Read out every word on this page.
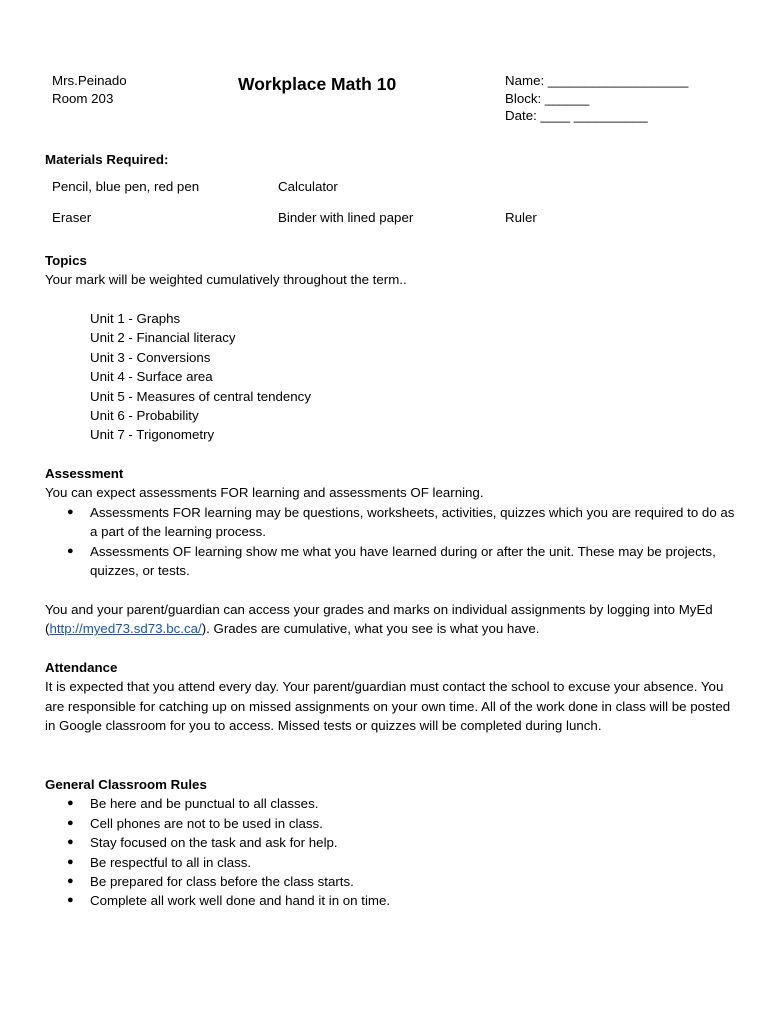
Mrs.Peinado
Room 203
Workplace Math 10	Name: ___________________
Block: ______
Date: ____ __________
Materials Required:
Pencil, blue pen, red pen	Calculator
Eraser	Binder with lined paper	Ruler
Topics
Your mark will be weighted cumulatively throughout the term..
Unit 1 - Graphs
Unit 2 - Financial literacy
Unit 3 - Conversions
Unit 4 - Surface area
Unit 5 - Measures of central tendency
Unit 6 - Probability
Unit 7 - Trigonometry
Assessment
You can expect assessments FOR learning and assessments OF learning.
● Assessments FOR learning may be questions, worksheets, activities, quizzes which you are required to do as a part of the learning process.
● Assessments OF learning show me what you have learned during or after the unit. These may be projects, quizzes, or tests.
You and your parent/guardian can access your grades and marks on individual assignments by logging into MyEd (http://myed73.sd73.bc.ca/). Grades are cumulative, what you see is what you have.
Attendance
It is expected that you attend every day. Your parent/guardian must contact the school to excuse your absence. You are responsible for catching up on missed assignments on your own time. All of the work done in class will be posted in Google classroom for you to access. Missed tests or quizzes will be completed during lunch.
General Classroom Rules
● Be here and be punctual to all classes.
● Cell phones are not to be used in class.
● Stay focused on the task and ask for help.
● Be respectful to all in class.
● Be prepared for class before the class starts.
● Complete all work well done and hand it in on time.
